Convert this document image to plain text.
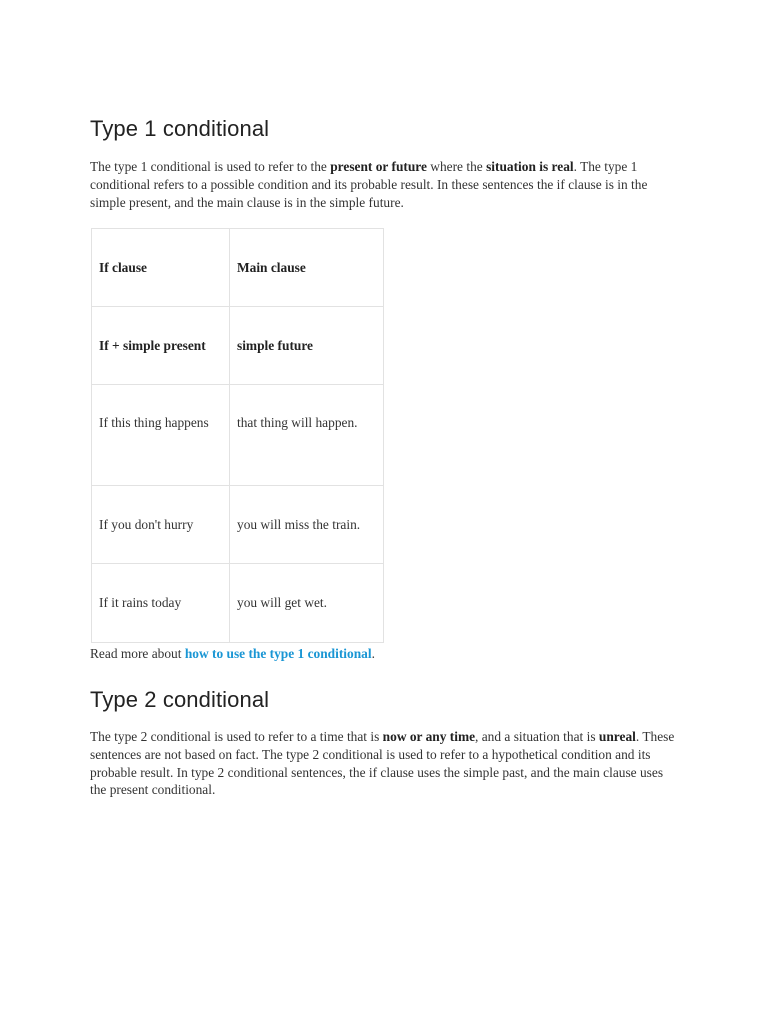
Type 1 conditional

The type 1 conditional is used to refer to the present or future where the situation is real. The type 1 conditional refers to a possible condition and its probable result. In these sentences the if clause is in the simple present, and the main clause is in the simple future.

If clause	Main clause
If + simple present	simple future
If this thing happens	that thing will happen.
If you don't hurry	you will miss the train.
If it rains today	you will get wet.

Read more about how to use the type 1 conditional.

Type 2 conditional

The type 2 conditional is used to refer to a time that is now or any time, and a situation that is unreal. These sentences are not based on fact. The type 2 conditional is used to refer to a hypothetical condition and its probable result. In type 2 conditional sentences, the if clause uses the simple past, and the main clause uses the present conditional.
